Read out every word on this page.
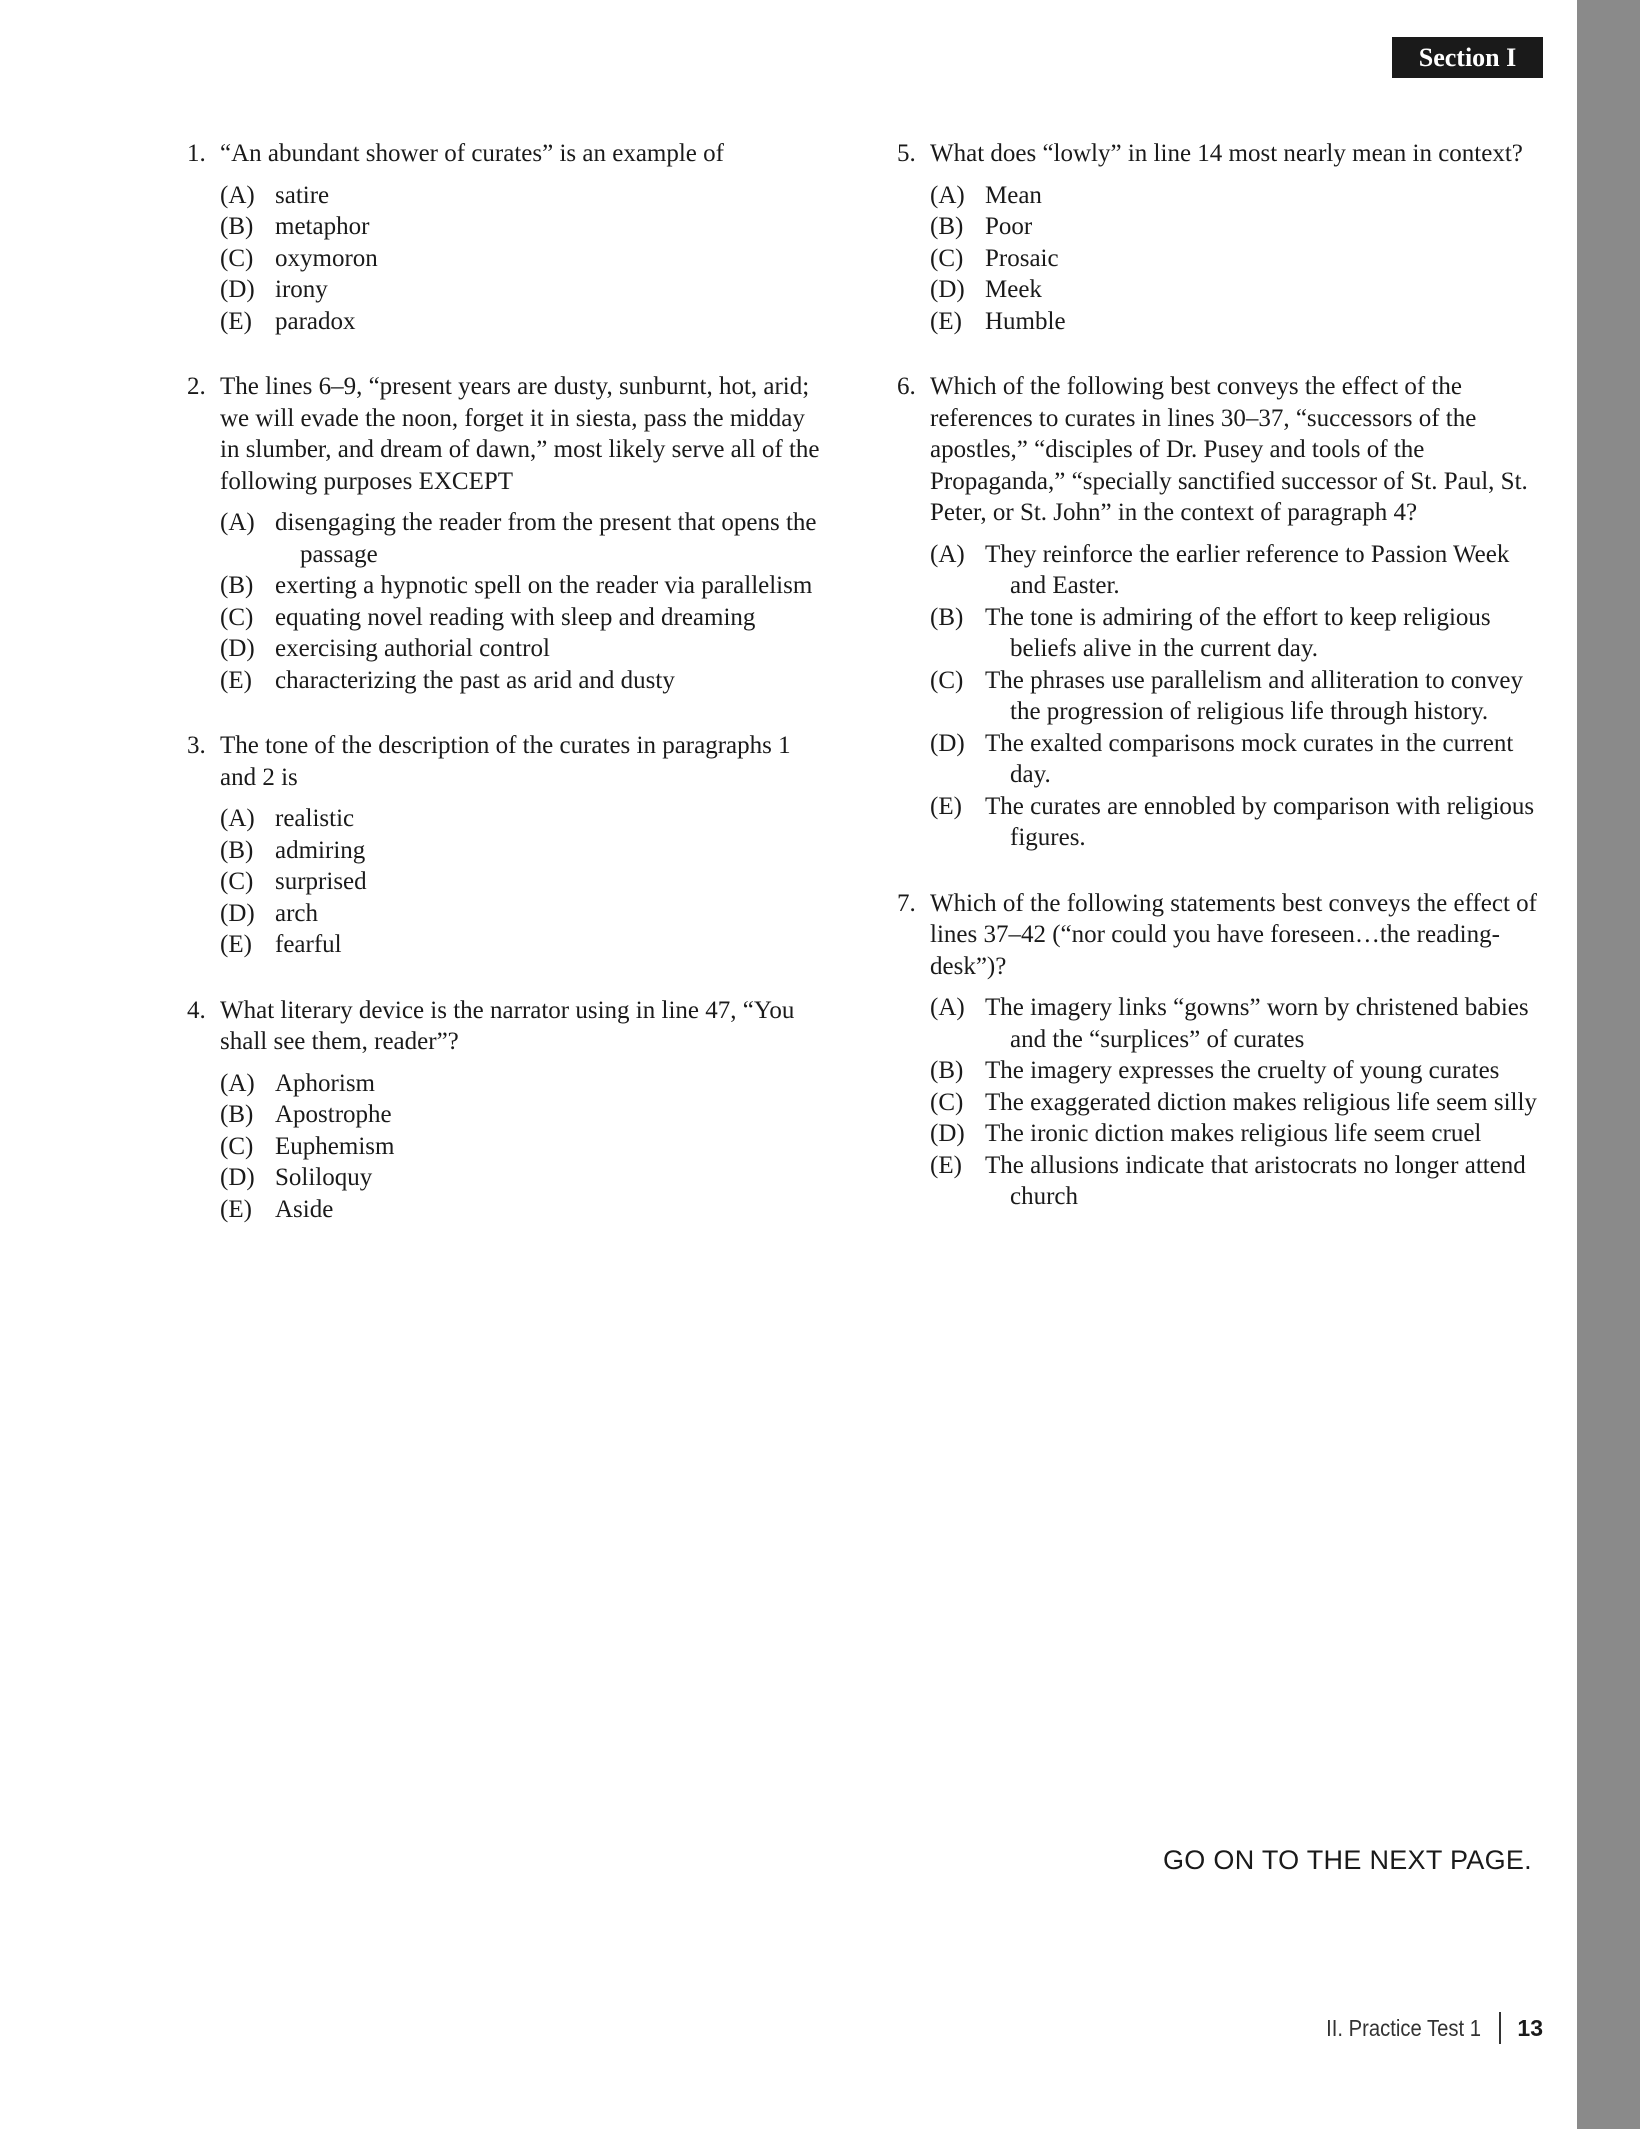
Section I
1. “An abundant shower of curates” is an example of
(A) satire
(B) metaphor
(C) oxymoron
(D) irony
(E) paradox
2. The lines 6–9, “present years are dusty, sunburnt, hot, arid; we will evade the noon, forget it in siesta, pass the midday in slumber, and dream of dawn,” most likely serve all of the following purposes EXCEPT
(A) disengaging the reader from the present that opens the passage
(B) exerting a hypnotic spell on the reader via parallelism
(C) equating novel reading with sleep and dreaming
(D) exercising authorial control
(E) characterizing the past as arid and dusty
3. The tone of the description of the curates in paragraphs 1 and 2 is
(A) realistic
(B) admiring
(C) surprised
(D) arch
(E) fearful
4. What literary device is the narrator using in line 47, “You shall see them, reader”?
(A) Aphorism
(B) Apostrophe
(C) Euphemism
(D) Soliloquy
(E) Aside
5. What does “lowly” in line 14 most nearly mean in context?
(A) Mean
(B) Poor
(C) Prosaic
(D) Meek
(E) Humble
6. Which of the following best conveys the effect of the references to curates in lines 30–37, “successors of the apostles,” “disciples of Dr. Pusey and tools of the Propaganda,” “specially sanctified successor of St. Paul, St. Peter, or St. John” in the context of paragraph 4?
(A) They reinforce the earlier reference to Passion Week and Easter.
(B) The tone is admiring of the effort to keep religious beliefs alive in the current day.
(C) The phrases use parallelism and alliteration to convey the progression of religious life through history.
(D) The exalted comparisons mock curates in the current day.
(E) The curates are ennobled by comparison with religious figures.
7. Which of the following statements best conveys the effect of lines 37–42 (“nor could you have foreseen…the reading-desk”)?
(A) The imagery links “gowns” worn by christened babies and the “surplices” of curates
(B) The imagery expresses the cruelty of young curates
(C) The exaggerated diction makes religious life seem silly
(D) The ironic diction makes religious life seem cruel
(E) The allusions indicate that aristocrats no longer attend church
GO ON TO THE NEXT PAGE.
II. Practice Test 1 13
